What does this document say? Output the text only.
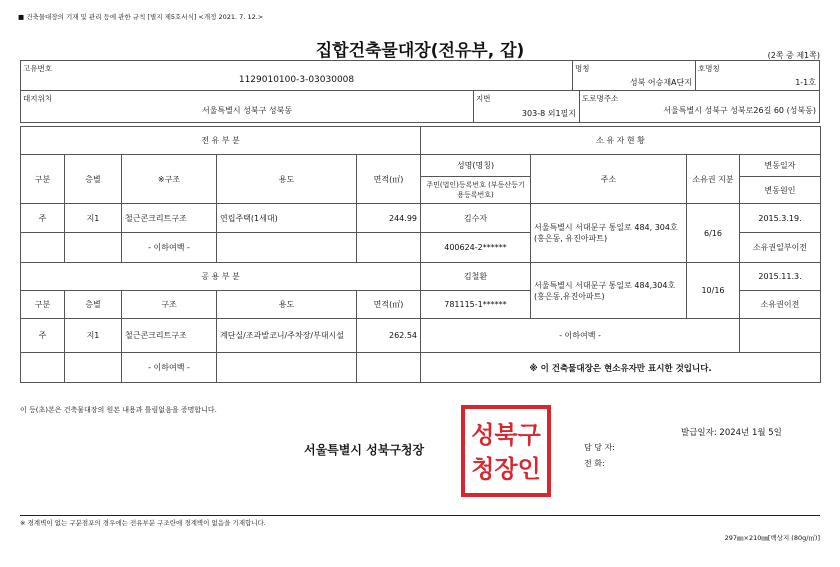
■ 건축물대장의 기재 및 관리 등에 관한 규칙 [별지 제5호서식] <개정 2021. 7. 12.>
집합건축물대장(전유부, 갑)	(2쪽 중 제1쪽)
고유번호
1129010100-3-03030008

명칭
성북 어승재A단지

호명칭
1-1호
대지위치
서울특별시 성북구 성북동

지번
303-8 외1필지

도로명주소
서울특별시 성북구 성북로26길 60 (성북동)
전 유 부 분					소 유 자 현 황			
구분	층별	※구조	용도	면적(㎡)	성명(명칭)	주소	소유권 지분	변동일자
					주민(법인)등록번호 (부동산등기용등록번호)			변동원인
주	지1	철근콘크리트구조	연립주택(1세대)	244.99	김수자	서울특별시 서대문구 통일로 484, 304호 (홍은동, 유진아파트)	6/16	2015.3.19.
		- 이하여백 -			400624-2******			소유권일부이전
공 용 부 분					김철환	서울특별시 서대문구 통일로 484,304호(홍은동,유진아파트)	10/16	2015.11.3.
구분	층별	구조	용도	면적(㎡)	781115-1******			소유권이전
주	지1	철근콘크리트구조	계단실/조과발코니/주차장/부대시설	262.54	- 이하여백 -			
		- 이하여백 -			※ 이 건축물대장은 현소유자만 표시한 것입니다.			
이 등(초)본은 건축물대장의 원본 내용과 틀림없음을 증명합니다.
발급일자: 2024년 1월 5일
서울특별시 성북구청장	담 당 자:
전 화:
성북구
청장인
※ 경계벽이 없는 구분점포의 경우에는 전유부분 구조란에 경계벽이 없음을 기재합니다.
297㎜×210㎜[백상지 (80g/㎡)]
